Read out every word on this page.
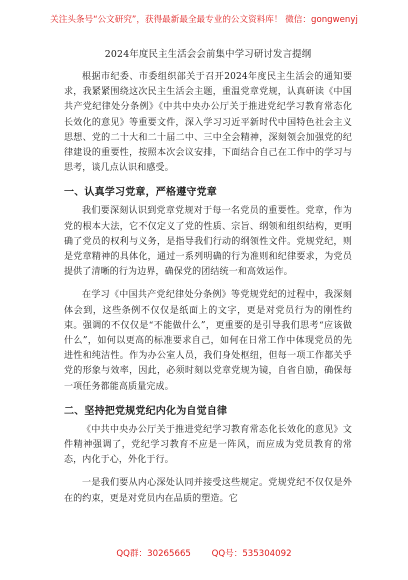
关注头条号“公文研究”，获得最新最全最专业的公文资料库！ 微信：gongwenyj
2024年度民主生活会会前集中学习研讨发言提纲

根据市纪委、市委组织部关于召开2024年度民主生活会的通知要求，我紧紧围绕这次民主生活会主题，重温党章党规，认真研读《中国共产党纪律处分条例》《中共中央办公厅关于推进党纪学习教育常态化长效化的意见》等重要文件，深入学习习近平新时代中国特色社会主义思想、党的二十大和二十届二中、三中全会精神，深刻领会加强党的纪律建设的重要性，按照本次会议安排，下面结合自己在工作中的学习与思考，谈几点认识和感受。

一、认真学习党章，严格遵守党章

我们要深刻认识到党章党规对于每一名党员的重要性。党章，作为党的根本大法，它不仅定义了党的性质、宗旨、纲领和组织结构，更明确了党员的权利与义务，是指导我们行动的纲领性文件。党规党纪，则是党章精神的具体化，通过一系列明确的行为准则和纪律要求，为党员提供了清晰的行为边界，确保党的团结统一和高效运作。

在学习《中国共产党纪律处分条例》等党规党纪的过程中，我深刻体会到，这些条例不仅仅是纸面上的文字，更是对党员行为的刚性约束。强调的不仅仅是“不能做什么”，更重要的是引导我们思考“应该做什么”，如何以更高的标准要求自己，如何在日常工作中体现党员的先进性和纯洁性。作为办公室人员，我们身处枢纽，但每一项工作都关乎党的形象与效率，因此，必须时刻以党章党规为镜，自省自励，确保每一项任务都能高质量完成。

二、坚持把党规党纪内化为自觉自律

《中共中央办公厅关于推进党纪学习教育常态化长效化的意见》文件精神强调了，党纪学习教育不应是一阵风，而应成为党员教育的常态，内化于心，外化于行。

一是我们要从内心深处认同并接受这些规定。党规党纪不仅仅是外在的约束，更是对党员内在品质的塑造。它

QQ群：30265665 QQ号：535304092
